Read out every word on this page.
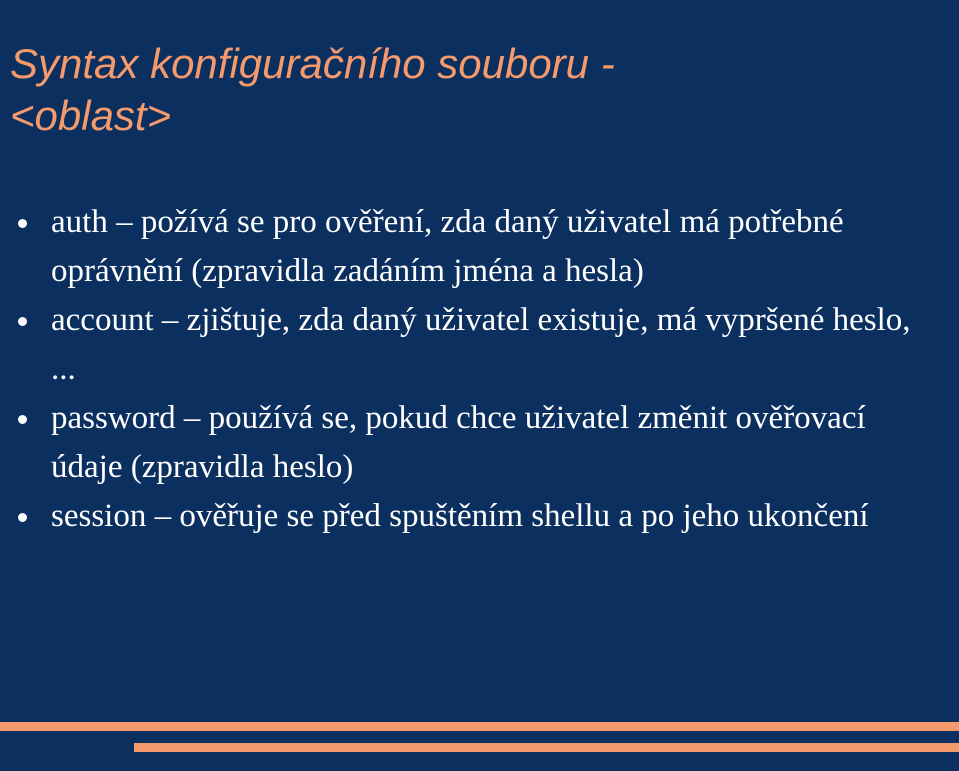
Syntax konfiguračního souboru -
<oblast>
auth – požívá se pro ověření, zda daný uživatel má potřebné oprávnění (zpravidla zadáním jména a hesla)
account – zjištuje, zda daný uživatel existuje, má vypršené heslo, ...
password – používá se, pokud chce uživatel změnit ověřovací údaje (zpravidla heslo)
session – ověřuje se před spuštěním shellu a po jeho ukončení
